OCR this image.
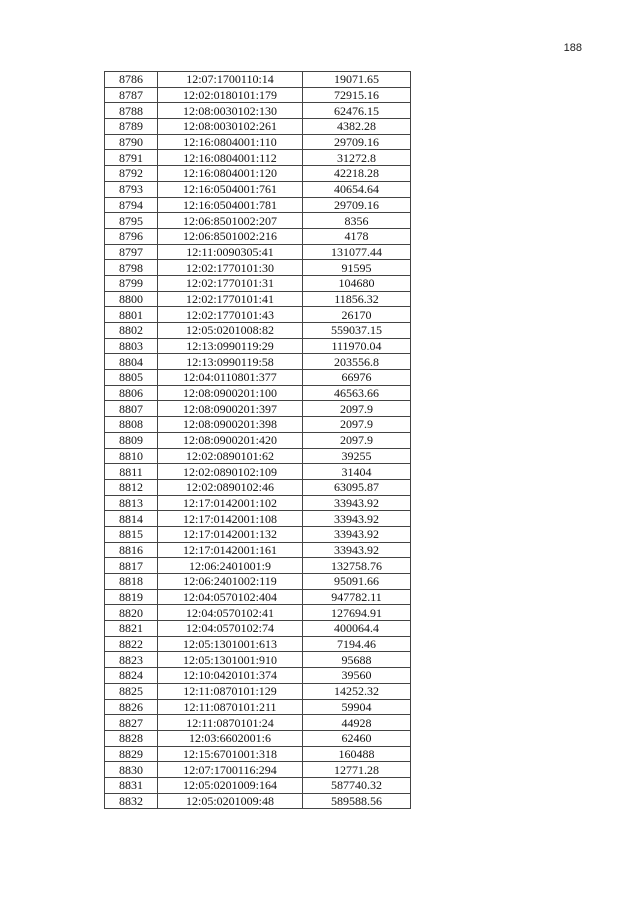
188
8786	12:07:1700110:14	19071.65
8787	12:02:0180101:179	72915.16
8788	12:08:0030102:130	62476.15
8789	12:08:0030102:261	4382.28
8790	12:16:0804001:110	29709.16
8791	12:16:0804001:112	31272.8
8792	12:16:0804001:120	42218.28
8793	12:16:0504001:761	40654.64
8794	12:16:0504001:781	29709.16
8795	12:06:8501002:207	8356
8796	12:06:8501002:216	4178
8797	12:11:0090305:41	131077.44
8798	12:02:1770101:30	91595
8799	12:02:1770101:31	104680
8800	12:02:1770101:41	11856.32
8801	12:02:1770101:43	26170
8802	12:05:0201008:82	559037.15
8803	12:13:0990119:29	111970.04
8804	12:13:0990119:58	203556.8
8805	12:04:0110801:377	66976
8806	12:08:0900201:100	46563.66
8807	12:08:0900201:397	2097.9
8808	12:08:0900201:398	2097.9
8809	12:08:0900201:420	2097.9
8810	12:02:0890101:62	39255
8811	12:02:0890102:109	31404
8812	12:02:0890102:46	63095.87
8813	12:17:0142001:102	33943.92
8814	12:17:0142001:108	33943.92
8815	12:17:0142001:132	33943.92
8816	12:17:0142001:161	33943.92
8817	12:06:2401001:9	132758.76
8818	12:06:2401002:119	95091.66
8819	12:04:0570102:404	947782.11
8820	12:04:0570102:41	127694.91
8821	12:04:0570102:74	400064.4
8822	12:05:1301001:613	7194.46
8823	12:05:1301001:910	95688
8824	12:10:0420101:374	39560
8825	12:11:0870101:129	14252.32
8826	12:11:0870101:211	59904
8827	12:11:0870101:24	44928
8828	12:03:6602001:6	62460
8829	12:15:6701001:318	160488
8830	12:07:1700116:294	12771.28
8831	12:05:0201009:164	587740.32
8832	12:05:0201009:48	589588.56
